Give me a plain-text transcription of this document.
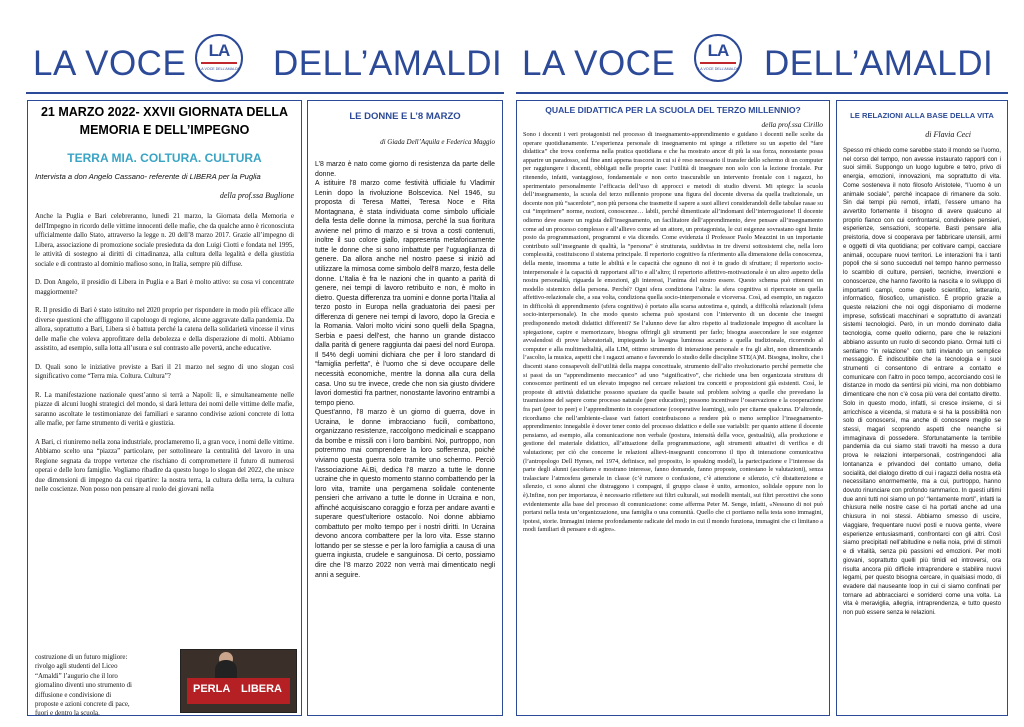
LA VOCE DELL’AMALDI
LA
LA VOCE DELL’AMALDI
21 MARZO 2022- XXVII GIORNATA DELLA
MEMORIA E DELL’IMPEGNO
TERRA MIA. COLTURA. CULTURA
Intervista a don Angelo Cassano- referente di LIBERA per la Puglia
della prof.ssa Buglione

Anche la Puglia e Bari celebreranno, lunedì 21 marzo, la Giornata della Memoria e dell'Impegno in ricordo delle vittime innocenti delle mafie, che da qualche anno è riconosciuta ufficialmente dallo Stato, attraverso la legge n. 20 dell’8 marzo 2017. Grazie all’impegno di Libera, associazione di promozione sociale presieduta da don Luigi Ciotti e fondata nel 1995, le attività di sostegno ai diritti di cittadinanza, alla cultura della legalità e della giustizia sociale e di contrasto al dominio mafioso sono, in Italia, sempre più diffuse.

D. Don Angelo, il presidio di Libera in Puglia e a Bari è molto attivo: su cosa vi concentrate maggiormente?

R. Il presidio di Bari è stato istituito nel 2020 proprio per rispondere in modo più efficace alle diverse questioni che affliggono il capoluogo di regione, alcune aggravate dalla pandemia. Da allora, soprattutto a Bari, Libera si è battuta perché la catena della solidarietà vincesse il virus delle mafie che voleva approfittare della debolezza e della disperazione di molti. Abbiamo assistito, ad esempio, sulla lotta all’usura e sul contrasto alle povertà, anche educative.

D. Quali sono le iniziative previste a Bari il 21 marzo nel segno di uno slogan così significativo come “Terra mia. Coltura. Cultura”?

R. La manifestazione nazionale quest’anno si terrà a Napoli: lì, e simultaneamente nelle piazze di alcuni luoghi strategici del mondo, si darà lettura dei nomi delle vittime delle mafie, saranno ascoltate le testimonianze dei familiari e saranno condivise azioni concrete di lotta alle mafie, per farne strumento di verità e giustizia.

A Bari, ci riuniremo nella zona industriale, proclameremo lì, a gran voce, i nomi delle vittime. Abbiamo scelto una “piazza” particolare, per sottolineare la centralità del lavoro in una Regione segnata da troppe vertenze che rischiano di compromettere il futuro di numerosi operai e delle loro famiglie. Vogliamo ribadire da questo luogo lo slogan del 2022, che unisce due dimensioni di impegno da cui ripartire: la nostra terra, la cultura della terra, la cultura nelle coscienze. Non posso non pensare al ruolo dei giovani nella

costruzione di un futuro migliore:
rivolgo agli studenti del Liceo
“Amaldi” l’augurio che il loro
giornalino diventi uno strumento di
diffusione e condivisione di
proposte e azioni concrete di pace,
fuori e dentro la scuola.
PERLA LIBERA
LE DONNE E L’8 MARZO
di Giada Dell’Aquila e Federica Maggio

L’8 marzo è nato come giorno di resistenza da parte delle donne.

A istituire l’8 marzo come festività ufficiale fu Vladimir Lenin dopo la rivoluzione Bolscevica. Nel 1946, su proposta di Teresa Mattei, Teresa Noce e Rita Montagnana, è stata individuata come simbolo ufficiale della festa delle donne la mimosa, perché la sua fioritura avviene nel primo di marzo e si trova a costi contenuti, inoltre il suo colore giallo, rappresenta metaforicamente tutte le donne che si sono imbattute per l’uguaglianza di genere. Da allora anche nel nostro paese si iniziò ad utilizzare la mimosa come simbolo dell’8 marzo, festa delle donne. L’Italia è fra le nazioni che in quanto a parità di genere, nei tempi di lavoro retribuito e non, è molto in dietro. Questa differenza tra uomini e donne porta l’Italia al terzo posto in Europa nella graduatoria dei paesi per differenza di genere nei tempi di lavoro, dopo la Grecia e la Romania. Valori molto vicini sono quelli della Spagna, Serbia e paesi dell’est, che hanno un grande distacco dalla parità di genere raggiunta dai paesi del nord Europa. Il 54% degli uomini dichiara che per il loro standard di “famiglia perfetta”, è l’uomo che si deve occupare delle necessità economiche, mentre la donna alla cura della casa. Uno su tre invece, crede che non sia giusto dividere lavori domestici fra partner, nonostante lavorino entrambi a tempo pieno.

Quest’anno, l’8 marzo è un giorno di guerra, dove in Ucraina, le donne imbracciano fucili, combattono, organizzano resistenze, raccolgono medicinali e scappano da bombe e missili con i loro bambini. Noi, purtroppo, non potremmo mai comprendere la loro sofferenza, poiché viviamo questa guerra solo tramite uno schermo. Perciò l’associazione Ai.Bi, dedica l’8 marzo a tutte le donne ucraine che in questo momento stanno combattendo per la loro vita, tramite una pergamena solidale contenente pensieri che arrivano a tutte le donne in Ucraina e non, affinché acquisiscano coraggio e forza per andare avanti e superare quest’ulteriore ostacolo. Noi donne abbiamo combattuto per molto tempo per i nostri diritti. In Ucraina devono ancora combattere per la loro vita. Esse stanno lottando per se stesse e per la loro famiglia a causa di una guerra ingiusta, crudele e sanguinosa. Di certo, possiamo dire che l’8 marzo 2022 non verrà mai dimenticato negli anni a seguire.

LA VOCE	DELL’AMALDI
LA
LA VOCE DELL’AMALDI
QUALE DIDATTICA PER LA SCUOLA DEL TERZO MILLENNIO?
della prof.ssa Cirillo

Sono i docenti i veri protagonisti nel processo di insegnamento-apprendimento e guidano i docenti nelle scelte da operare quotidianamente. L’esperienza personale di insegnamento mi spinge a riflettere su un aspetto del “fare didattica” che trova conferma nella pratica quotidiana e che ha mostrato ancor di più la sua forza, nonostante possa apparire un paradosso, sul fine anni appena trascorsi in cui si è reso necessario il transfer dello schermo di un computer per raggiungere i discenti, obbligati nelle proprie case: l’utilità di insegnare non solo con la lezione frontale. Pur ritenendo, infatti, vantaggioso, fondamentale e non certo trascurabile un intervento frontale con i ragazzi, ho sperimentato personalmente l’efficacia dell’uso di approcci e metodi di studio diversi. Mi spiego: la scuola dell’insegnamento, la scuola del terzo millennio propone una figura del docente diversa da quella tradizionale, un docente non più “sacerdote”, non più persona che trasmette il sapere a suoi allievi considerandoli delle tabulae rasae su cui “imprimere” norme, nozioni, conoscenze… labili, perché dimenticate all’indomani dell’interrogazione! Il docente odierno deve essere un regista dell’insegnamento, un facilitatore dell’apprendimento, deve pensare all’insegnamento come ad un processo complesso e all’allievo come ad un attore, un protagonista, le cui esigenze sovrastano ogni limite posto da programmazioni, programmi e via dicendo. Come evidenzia il Professor Paolo Meazzini in un importante contributo sull’insegnante di qualità, la “persona” è strutturata, suddivisa in tre diversi sottosistemi che, nella loro complessità, costituiscono il sistema principale. Il repertorio cognitivo fa riferimento alla dimensione della conoscenza, della mente, insomma a tutte le abilità e le capacità che ognuno di noi è in grado di sfruttare; il repertorio socio-interpersonale è la capacità di rapportarsi all’io e all’altro; il repertorio affettivo-motivazionale è un altro aspetto della nostra personalità, riguarda le emozioni, gli interessi, l’anima del nostro essere. Questo schema può ritenersi un modello sistemico della persona. Perché? Ogni sfera condiziona l’altra: la sfera cognitiva si ripercuote su quella affettivo-relazionale che, a sua volta, condiziona quella socio-interpersonale e viceversa. Così, ad esempio, un ragazzo in difficoltà di apprendimento (sfera cognitiva) è portato alla scarsa autostima e, quindi, a difficoltà relazionali (sfera socio-interpersonale). In che modo questo schema può spostarsi con l’intervento di un docente che insegni predisponendo metodi didattici differenti? Se l’alunno deve far altro rispetto al tradizionale impegno di ascoltare la spiegazione, capire e memorizzare, bisogna offrirgli gli strumenti per farlo; bisogna assecondare le sue esigenze avvalendosi di prove laboratoriali, impiegando la lavagna luminosa accanto a quella tradizionale, ricorrendo al computer e alla multimedialità, alla LIM, ottimo strumento di interazione personale e fra gli altri, non dimenticando l’ascolto, la musica, aspetti che i ragazzi amano e favorendo lo studio delle discipline STE(A)M. Bisogna, inoltre, che i discenti siano consapevoli dell’utilità della mappa concettuale, strumento dell’alto rivoluzionario perché permette che si passi da un “apprendimento meccanico” ad uno “significativo”, che richiede una ben organizzata struttura di conoscenze pertinenti ed un elevato impegno nel cercare relazioni tra concetti e proposizioni già esistenti. Così, le proposte di attività didattiche possono spaziare da quelle basate sul problem solving a quelle che prevedano la trasmissione del sapere come processo naturale (peer education); possono incentivare l’osservazione e la cooperazione fra pari (peer to peer) e l’apprendimento in cooperazione (cooperative learning), solo per citarne qualcuna. D’altronde, ricordiamo che nell’ambiente-classe vari fattori contribuiscono a rendere più o meno semplice l’insegnamento-apprendimento: innegabile è dover tener conto del processo didattico e delle sue variabili: per quanto attiene il docente pensiamo, ad esempio, alla comunicazione non verbale (postura, intensità della voce, gestualità), alla produzione e gestione del materiale didattico, all’attuazione della programmazione, agli strumenti attuativi di verifica e di valutazione; per ciò che concerne le relazioni allievi-insegnanti concorrono il tipo di interazione comunicativa (l’antropologo Dell Hymes, nel 1974, definisce, nel proposito, lo speaking model), la partecipazione e l’interesse da parte degli alunni (ascoltano e mostrano interesse, fanno domande, fanno proposte, contestano le valutazioni), senza tralasciare l’atmosfera generale in classe (c’è rumore o confusione, c’è attenzione e silenzio, c’è distattenzione e silenzio, ci sono alunni che distraggono i compagni, il gruppo classe è unito, armonico, solidale oppure non lo è).Infine, non per importanza, è necessario riflettere sui filtri culturali, sui modelli mentali, sui filtri percettivi che sono evidentemente alla base del processo di comunicazione: come afferma Peter M. Senge, infatti, «Nessuno di noi può portarsi nella testa un’organizzazione, una famiglia o una comunità. Quello che ci portiamo nella testa sono immagini, ipotesi, storie. Immagini interne profondamente radicate del modo in cui il mondo funziona, immagini che ci limitano a modi familiari di pensare e di agire».

LE RELAZIONI ALLA BASE DELLA VITA
di Flavia Ceci

Spesso mi chiedo come sarebbe stato il mondo se l’uomo, nel corso del tempo, non avesse instaurato rapporti con i suoi simili. Suppongo un luogo lugubre e tetro, privo di energia, emozioni, innovazioni, ma soprattutto di vita. Come sosteneva il noto filosofo Aristotele, “l’uomo è un animale sociale”, perché incapace di rimanere da solo. Sin dai tempi più remoti, infatti, l’essere umano ha avvertito fortemente il bisogno di avere qualcuno al proprio fianco con cui confrontarsi, condividere pensieri, esperienze, sensazioni, scoperte. Basti pensare alla preistoria, dove si cooperava per fabbricare utensili, armi e oggetti di vita quotidiana; per coltivare campi, cacciare animali, occupare nuovi territori. Le interazioni fra i tanti popoli che si sono succeduti nel tempo hanno permesso lo scambio di culture, pensieri, tecniche, invenzioni e conoscenze, che hanno favorito la nascita e lo sviluppo di importanti campi, come quello scientifico, letterario, informatico, filosofico, umanistico. È proprio grazie a queste relazioni che noi oggi disponiamo di moderne imprese, sofisticati macchinari e soprattutto di avanzati sistemi tecnologici. Però, in un mondo dominato dalla tecnologia, come quello odierno, pare che le relazioni abbiano assunto un ruolo di secondo piano. Ormai tutti ci sentiamo “in relazione” con tutti inviando un semplice messaggio. È indiscutibile che la tecnologia e i suoi strumenti ci consentono di entrare a contatto e comunicare con l’altro in poco tempo, accorciando così le distanze in modo da sentirsi più vicini, ma non dobbiamo dimenticare che non c’è cosa più vera del contatto diretto. Solo in questo modo, infatti, si cresce insieme, ci si arricchisce a vicenda, si matura e si ha la possibilità non solo di conoscersi, ma anche di conoscere meglio se stessi, magari scoprendo aspetti che neanche si immaginava di possedere. Sfortunatamente la terribile pandemia da cui siamo stati travolti ha messo a dura prova le relazioni interpersonali, costringendoci alla lontananza e privandoci del contatto umano, della socialità, del dialogo diretto di cui i ragazzi della nostra età necessitano enormemente, ma a cui, purtroppo, hanno dovuto rinunciare con profondo rammarico. In questi ultimi due anni tutti noi siamo un po’ “lentamente morti”, infatti la chiusura nelle nostre case ci ha portati anche ad una chiusura in noi stessi. Abbiamo smesso di uscire, viaggiare, frequentare nuovi posti e nuova gente, vivere esperienze entusiasmanti, confrontarci con gli altri. Così siamo precipitati nell’abitudine e nella noia, privi di stimoli e di vitalità, senza più passioni ed emozioni. Per molti giovani, soprattutto quelli più timidi ed introversi, ora risulta ancora più difficile intraprendere e stabilire nuovi legami, per questo bisogna cercare, in qualsiasi modo, di evadere dal nauseante loop in cui ci siamo confinati per tornare ad abbracciarci e sorriderci come una volta. La vita è meraviglia, allegria, intraprendenza, e tutto questo non può essere senza le relazioni.
